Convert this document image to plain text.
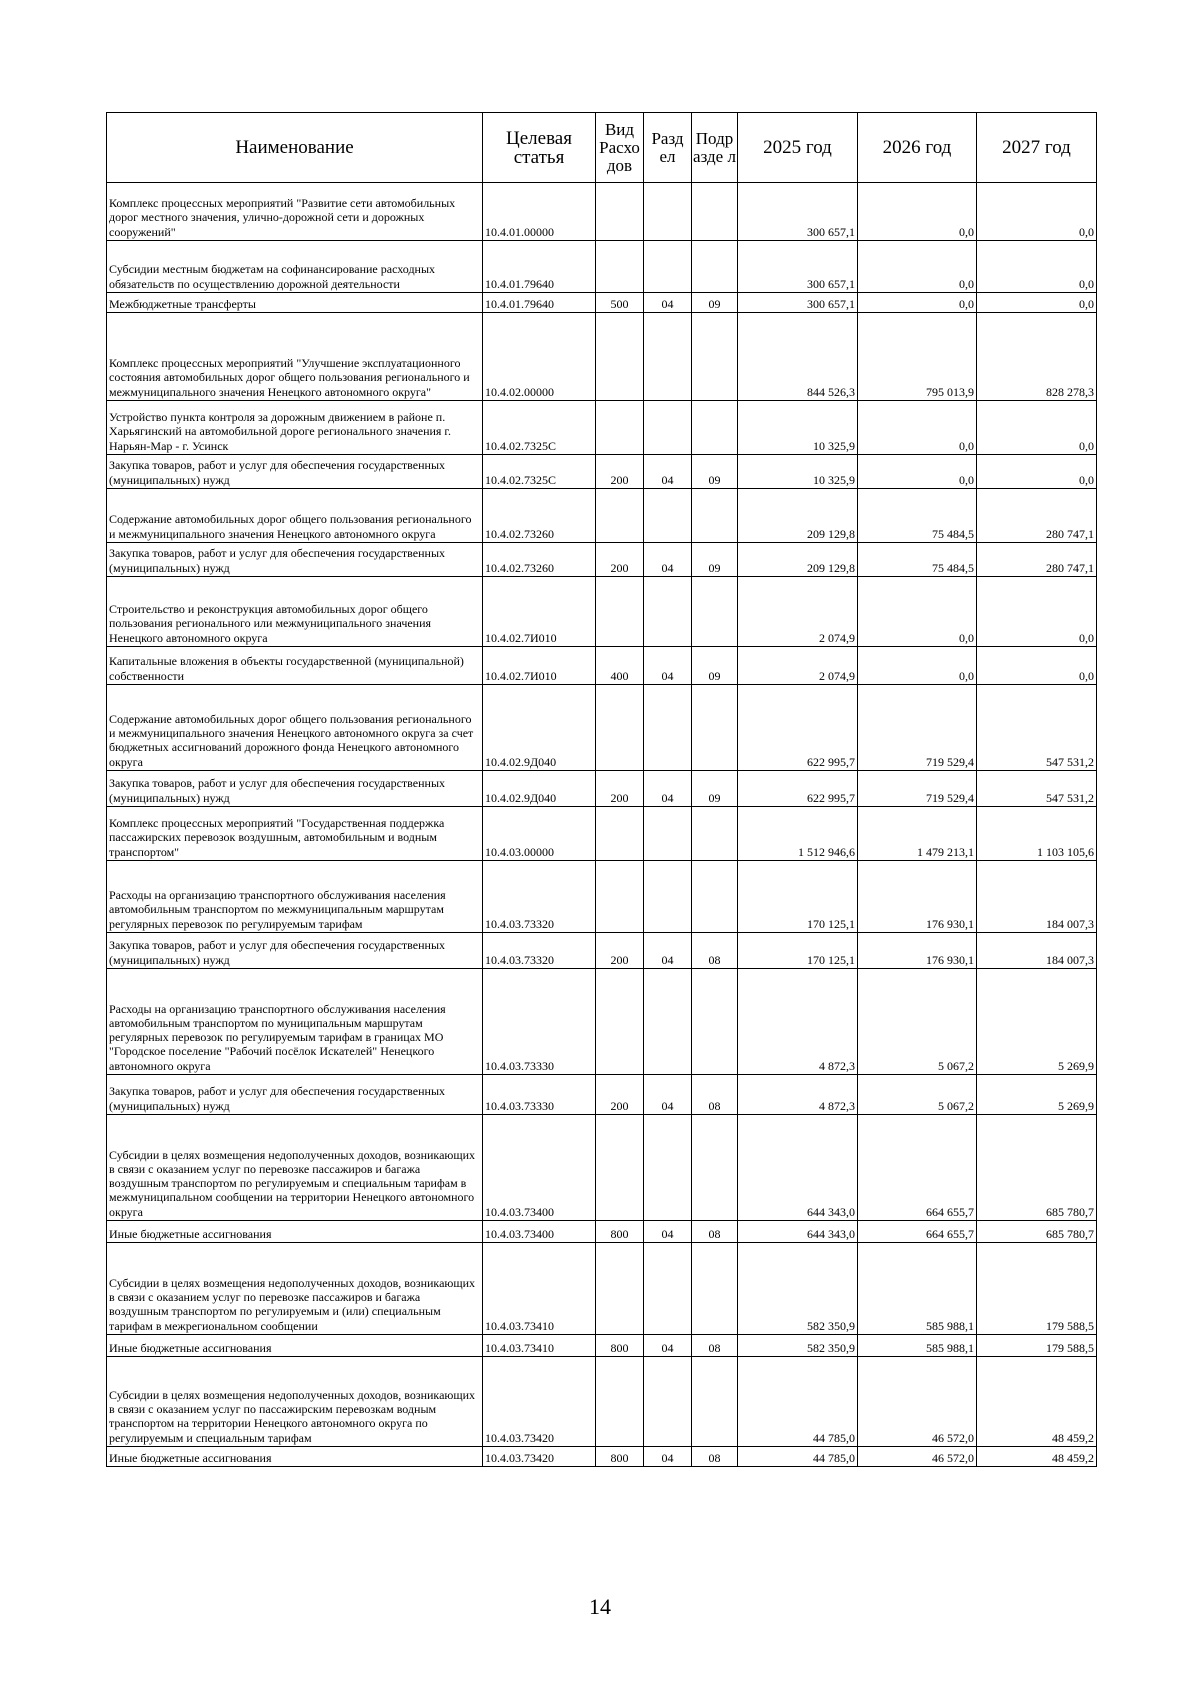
Наименование	Целевая статья	Вид Расхо дов	Разд ел	Подр азде л	2025 год	2026 год	2027 год
Комплекс процессных мероприятий "Развитие сети автомобильных дорог местного значения, улично-дорожной сети и дорожных сооружений"	10.4.01.00000				300 657,1	0,0	0,0
Субсидии местным бюджетам на софинансирование расходных обязательств по осуществлению дорожной деятельности	10.4.01.79640				300 657,1	0,0	0,0
Межбюджетные трансферты	10.4.01.79640	500	04	09	300 657,1	0,0	0,0
Комплекс процессных мероприятий "Улучшение эксплуатационного состояния автомобильных дорог общего пользования регионального и межмуниципального значения Ненецкого автономного округа"	10.4.02.00000				844 526,3	795 013,9	828 278,3
Устройство пункта контроля за дорожным движением в районе п. Харьягинский на автомобильной дороге регионального значения г. Нарьян-Мар - г. Усинск	10.4.02.7325С				10 325,9	0,0	0,0
Закупка товаров, работ и услуг для обеспечения государственных (муниципальных) нужд	10.4.02.7325С	200	04	09	10 325,9	0,0	0,0
Содержание автомобильных дорог общего пользования регионального и межмуниципального значения Ненецкого автономного округа	10.4.02.73260				209 129,8	75 484,5	280 747,1
Закупка товаров, работ и услуг для обеспечения государственных (муниципальных) нужд	10.4.02.73260	200	04	09	209 129,8	75 484,5	280 747,1
Строительство и реконструкция автомобильных дорог общего пользования регионального или межмуниципального значения Ненецкого автономного округа	10.4.02.7И010				2 074,9	0,0	0,0
Капитальные вложения в объекты государственной (муниципальной) собственности	10.4.02.7И010	400	04	09	2 074,9	0,0	0,0
Содержание автомобильных дорог общего пользования регионального и межмуниципального значения Ненецкого автономного округа за счет бюджетных ассигнований дорожного фонда Ненецкого автономного округа	10.4.02.9Д040				622 995,7	719 529,4	547 531,2
Закупка товаров, работ и услуг для обеспечения государственных (муниципальных) нужд	10.4.02.9Д040	200	04	09	622 995,7	719 529,4	547 531,2
Комплекс процессных мероприятий "Государственная поддержка пассажирских перевозок воздушным, автомобильным и водным транспортом"	10.4.03.00000				1 512 946,6	1 479 213,1	1 103 105,6
Расходы на организацию транспортного обслуживания населения автомобильным транспортом по межмуниципальным маршрутам регулярных перевозок по регулируемым тарифам	10.4.03.73320				170 125,1	176 930,1	184 007,3
Закупка товаров, работ и услуг для обеспечения государственных (муниципальных) нужд	10.4.03.73320	200	04	08	170 125,1	176 930,1	184 007,3
Расходы на организацию транспортного обслуживания населения автомобильным транспортом по муниципальным маршрутам регулярных перевозок по регулируемым тарифам в границах МО "Городское поселение "Рабочий посёлок Искателей" Ненецкого автономного округа	10.4.03.73330				4 872,3	5 067,2	5 269,9
Закупка товаров, работ и услуг для обеспечения государственных (муниципальных) нужд	10.4.03.73330	200	04	08	4 872,3	5 067,2	5 269,9
Субсидии в целях возмещения недополученных доходов, возникающих в связи с оказанием услуг по перевозке пассажиров и багажа воздушным транспортом по регулируемым и специальным тарифам в межмуниципальном сообщении на территории Ненецкого автономного округа	10.4.03.73400				644 343,0	664 655,7	685 780,7
Иные бюджетные ассигнования	10.4.03.73400	800	04	08	644 343,0	664 655,7	685 780,7
Субсидии в целях возмещения недополученных доходов, возникающих в связи с оказанием услуг по перевозке пассажиров и багажа воздушным транспортом по регулируемым и (или) специальным тарифам в межрегиональном сообщении	10.4.03.73410				582 350,9	585 988,1	179 588,5
Иные бюджетные ассигнования	10.4.03.73410	800	04	08	582 350,9	585 988,1	179 588,5
Субсидии в целях возмещения недополученных доходов, возникающих в связи с оказанием услуг по пассажирским перевозкам водным транспортом на территории Ненецкого автономного округа по регулируемым и специальным тарифам	10.4.03.73420				44 785,0	46 572,0	48 459,2
Иные бюджетные ассигнования	10.4.03.73420	800	04	08	44 785,0	46 572,0	48 459,2
14
